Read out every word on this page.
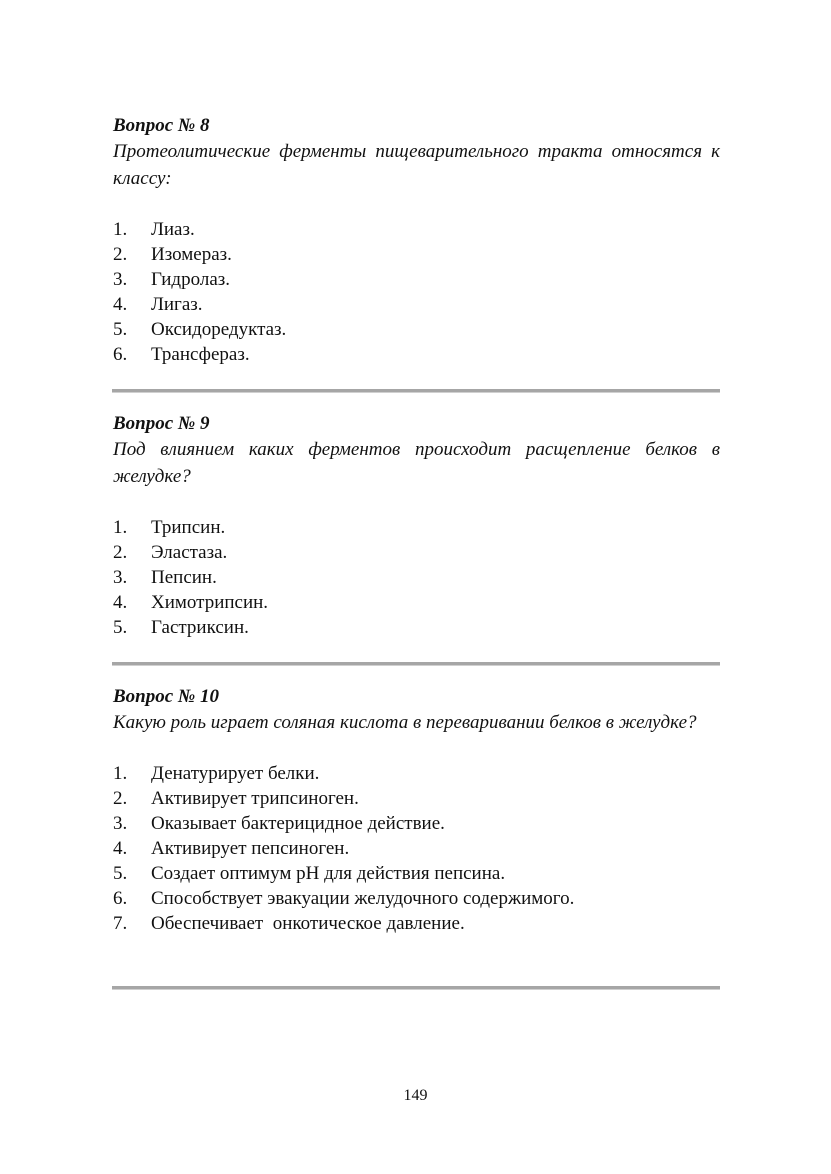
Вопрос № 8

Протеолитические ферменты пищеварительного тракта относятся к классу:

1.	Лиаз.
2.	Изомераз.
3.	Гидролаз.
4.	Лигаз.
5.	Оксидоредуктаз.
6.	Трансфераз.

Вопрос № 9

Под влиянием каких ферментов происходит расщепление белков в желудке?

1.	Трипсин.
2.	Эластаза.
3.	Пепсин.
4.	Химотрипсин.
5.	Гастриксин.

Вопрос № 10

Какую роль играет соляная кислота в переваривании белков в желудке?

1.	Денатурирует белки.
2.	Активирует трипсиноген.
3.	Оказывает бактерицидное действие.
4.	Активирует пепсиноген.
5.	Создает оптимум рН для действия пепсина.
6.	Способствует эвакуации желудочного содержимого.
7.	Обеспечивает  онкотическое давление.
149
